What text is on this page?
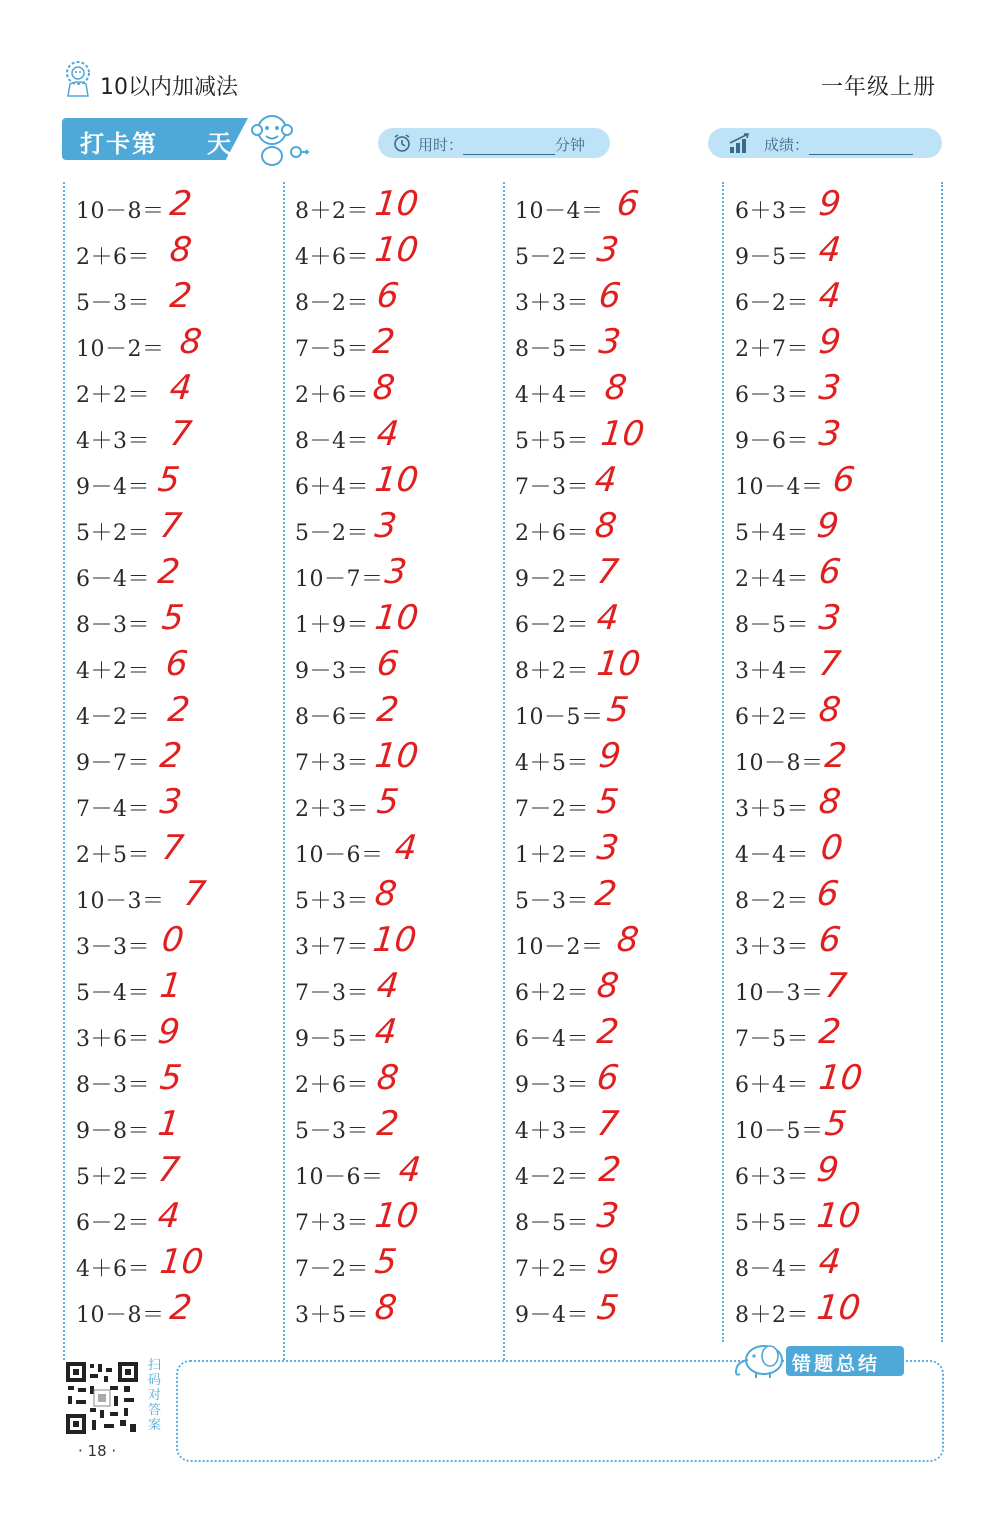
10以内加减法	一年级上册
打卡第 天	用时：	分钟	成绩：
10－8＝ 2
2＋6＝ 8
5－3＝ 2
10－2＝ 8
2＋2＝ 4
4＋3＝ 7
9－4＝ 5
5＋2＝ 7
6－4＝ 2
8－3＝ 5
4＋2＝ 6
4－2＝ 2
9－7＝ 2
7－4＝ 3
2＋5＝ 7
10－3＝ 7
3－3＝ 0
5－4＝ 1
3＋6＝ 9
8－3＝ 5
9－8＝ 1
5＋2＝ 7
6－2＝ 4
4＋6＝ 10
10－8＝ 2
8＋2＝ 10
4＋6＝ 10
8－2＝ 6
7－5＝ 2
2＋6＝ 8
8－4＝ 4
6＋4＝ 10
5－2＝ 3
10－7＝ 3
1＋9＝ 10
9－3＝ 6
8－6＝ 2
7＋3＝ 10
2＋3＝ 5
10－6＝ 4
5＋3＝ 8
3＋7＝ 10
7－3＝ 4
9－5＝ 4
2＋6＝ 8
5－3＝ 2
10－6＝ 4
7＋3＝ 10
7－2＝ 5
3＋5＝ 8
10－4＝ 6
5－2＝ 3
3＋3＝ 6
8－5＝ 3
4＋4＝ 8
5＋5＝ 10
7－3＝ 4
2＋6＝ 8
9－2＝ 7
6－2＝ 4
8＋2＝ 10
10－5＝ 5
4＋5＝ 9
7－2＝ 5
1＋2＝ 3
5－3＝ 2
10－2＝ 8
6＋2＝ 8
6－4＝ 2
9－3＝ 6
4＋3＝ 7
4－2＝ 2
8－5＝ 3
7＋2＝ 9
9－4＝ 5
6＋3＝ 9
9－5＝ 4
6－2＝ 4
2＋7＝ 9
6－3＝ 3
9－6＝ 3
10－4＝ 6
5＋4＝ 9
2＋4＝ 6
8－5＝ 3
3＋4＝ 7
6＋2＝ 8
10－8＝ 2
3＋5＝ 8
4－4＝ 0
8－2＝ 6
3＋3＝ 6
10－3＝ 7
7－5＝ 2
6＋4＝ 10
10－5＝ 5
6＋3＝ 9
5＋5＝ 10
8－4＝ 4
8＋2＝ 10
扫码对答案
· 18 ·
错题总结
